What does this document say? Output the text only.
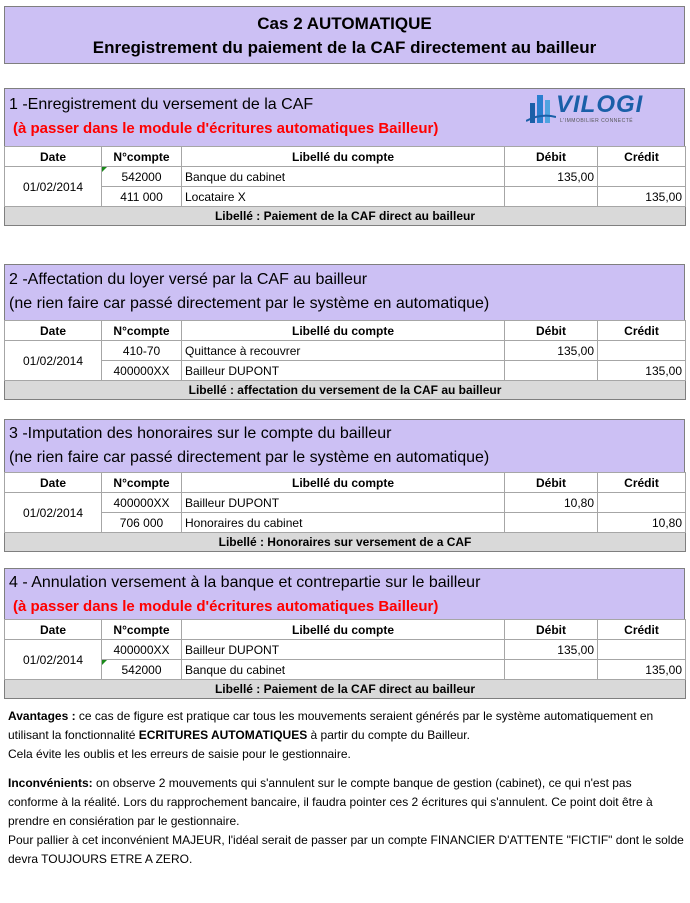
Cas 2 AUTOMATIQUE
Enregistrement du paiement de la CAF directement au bailleur
1 -Enregistrement du versement de la CAF
(à passer dans le module d'écritures automatiques Bailleur)
VILOGI
L'IMMOBILIER CONNECTÉ
Date	N°compte	Libellé du compte	Débit	Crédit
01/02/2014	542000	Banque du cabinet	135,00	
	411 000	Locataire X		135,00
Libellé : Paiement de la CAF direct au bailleur				
2 -Affectation du loyer versé par la CAF au bailleur
(ne rien faire car passé directement par le système en automatique)
Date	N°compte	Libellé du compte	Débit	Crédit
01/02/2014	410-70	Quittance à recouvrer	135,00	
	400000XX	Bailleur DUPONT		135,00
Libellé : affectation du versement de la CAF au bailleur				
3 -Imputation des honoraires sur le compte du bailleur
(ne rien faire car passé directement par le système en automatique)
Date	N°compte	Libellé du compte	Débit	Crédit
01/02/2014	400000XX	Bailleur DUPONT	10,80	
	706 000	Honoraires du cabinet		10,80
Libellé : Honoraires sur versement de a CAF				
4 - Annulation versement à la banque et contrepartie sur le bailleur
(à passer dans le module d'écritures automatiques Bailleur)
Date	N°compte	Libellé du compte	Débit	Crédit
01/02/2014	400000XX	Bailleur DUPONT	135,00	
	542000	Banque du cabinet		135,00
Libellé : Paiement de la CAF direct au bailleur				

Avantages : ce cas de figure est pratique car tous les mouvements seraient générés par le système automatiquement en utilisant la fonctionnalité ECRITURES AUTOMATIQUES à partir du compte du Bailleur.

Cela évite les oublis et les erreurs de saisie pour le gestionnaire.

Inconvénients: on observe 2 mouvements qui s'annulent sur le compte banque de gestion (cabinet), ce qui n'est pas conforme à la réalité. Lors du rapprochement bancaire, il faudra pointer ces 2 écritures qui s'annulent. Ce point doit être à prendre en consiération par le gestionnaire.

Pour pallier à cet inconvénient MAJEUR, l'idéal serait de passer par un compte FINANCIER D'ATTENTE "FICTIF" dont le solde devra TOUJOURS ETRE A ZERO.
